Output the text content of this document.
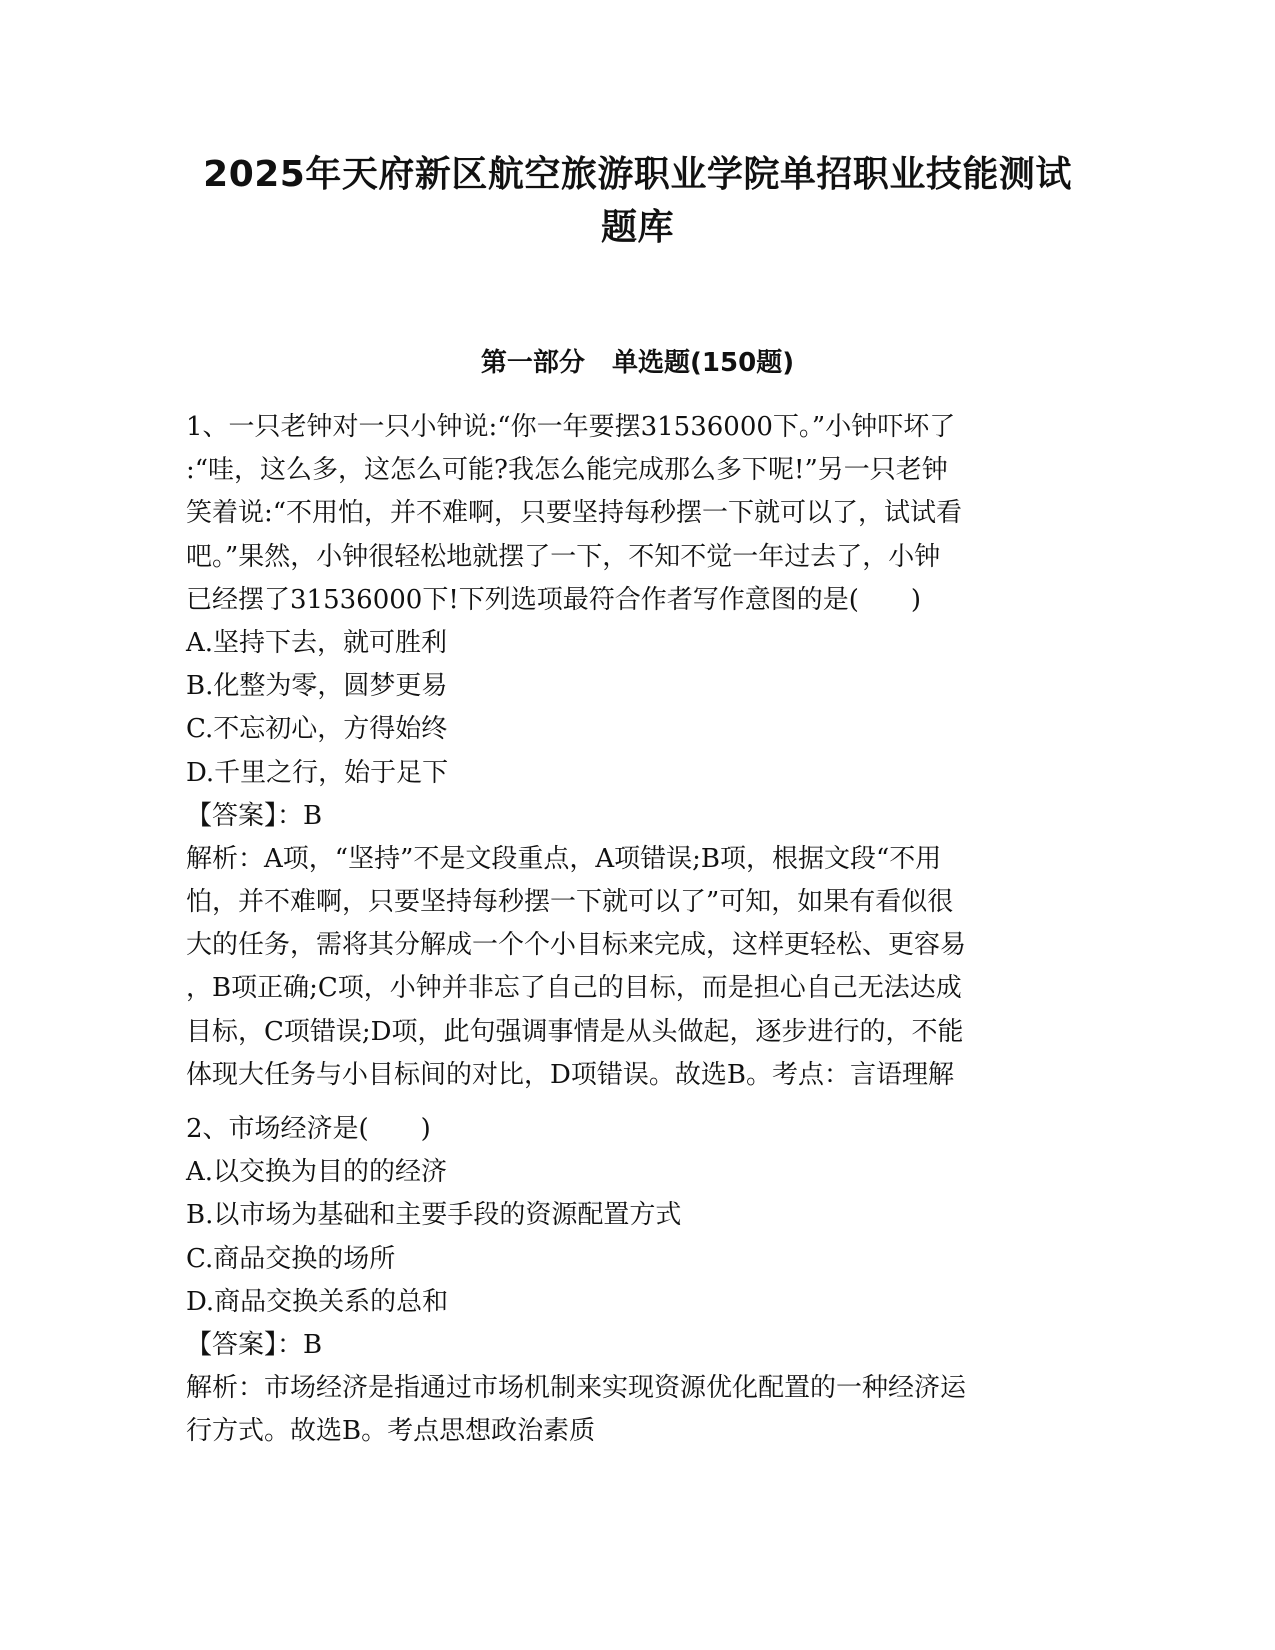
2025年天府新区航空旅游职业学院单招职业技能测试
题库
第一部分   单选题(150题)
1、一只老钟对一只小钟说:“你一年要摆31536000下。”小钟吓坏了
:“哇，这么多，这怎么可能?我怎么能完成那么多下呢!”另一只老钟
笑着说:“不用怕，并不难啊，只要坚持每秒摆一下就可以了，试试看
吧。”果然，小钟很轻松地就摆了一下，不知不觉一年过去了，小钟
已经摆了31536000下!下列选项最符合作者写作意图的是(　　)
A.坚持下去，就可胜利
B.化整为零，圆梦更易
C.不忘初心，方得始终
D.千里之行，始于足下
【答案】：B
解析：A项，“坚持”不是文段重点，A项错误;B项，根据文段“不用
怕，并不难啊，只要坚持每秒摆一下就可以了”可知，如果有看似很
大的任务，需将其分解成一个个小目标来完成，这样更轻松、更容易
，B项正确;C项，小钟并非忘了自己的目标，而是担心自己无法达成
目标，C项错误;D项，此句强调事情是从头做起，逐步进行的，不能
体现大任务与小目标间的对比，D项错误。故选B。考点：言语理解
2、市场经济是(　　)
A.以交换为目的的经济
B.以市场为基础和主要手段的资源配置方式
C.商品交换的场所
D.商品交换关系的总和
【答案】：B
解析：市场经济是指通过市场机制来实现资源优化配置的一种经济运
行方式。故选B。考点思想政治素质
